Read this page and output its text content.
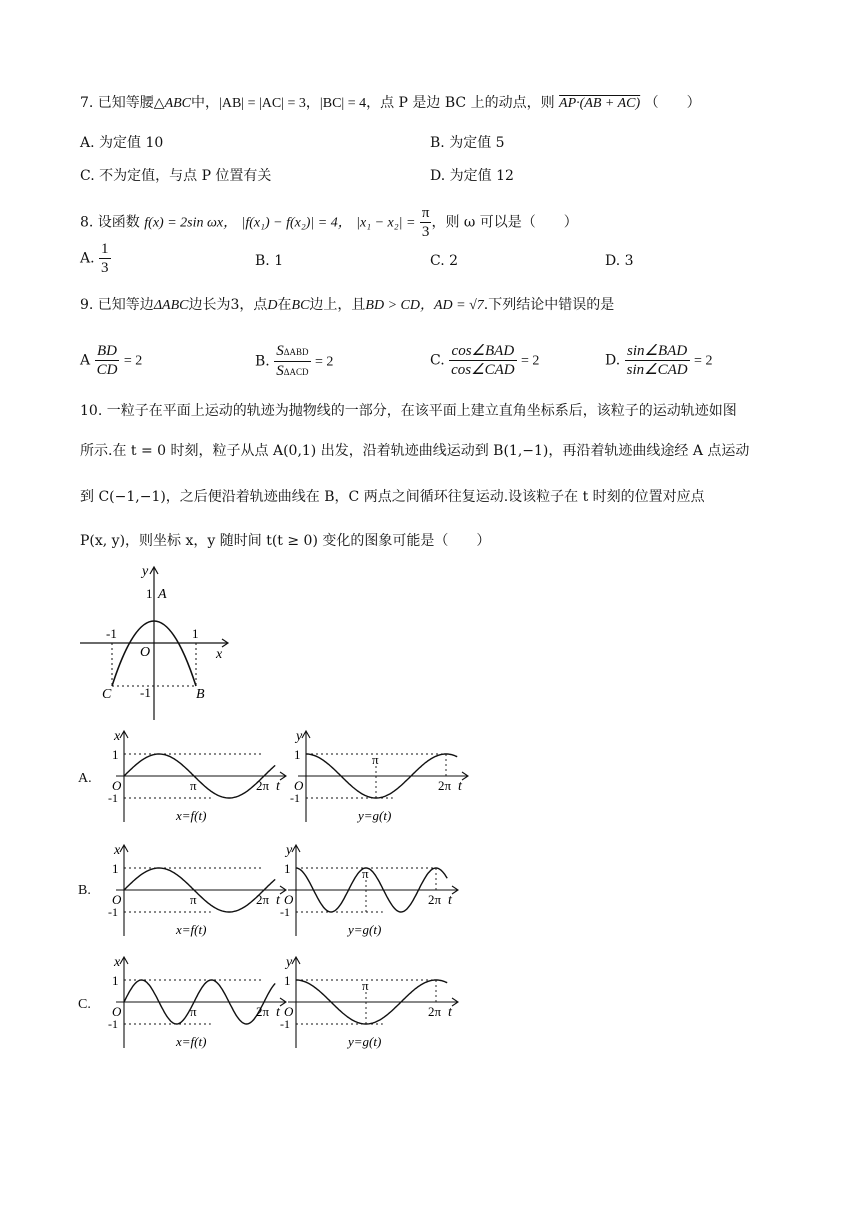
7. 已知等腰△ABC中，|AB| = |AC| = 3，|BC| = 4，点 P 是边 BC 上的动点，则 AP·(AB + AC) （　　）
A. 为定值 10	B. 为定值 5
C. 不为定值，与点 P 位置有关	D. 为定值 12
8. 设函数 f(x) = 2sin ωx， |f(x₁) − f(x₂)| = 4， $|x_1 - x_2| = \frac{\pi}{3}$ ，则 ω 可以是（　　）
A. $\frac{1}{3}$	B. 1	C. 2	D. 3
9. 已知等边ΔABC边长为3，点D在BC边上，且BD > CD，AD = √7.下列结论中错误的是
A $\frac{BD}{CD} = 2$	B. $\frac{\text{SΔABD}}{\text{SΔACD}} = 2$	C. $\frac{\text{cos∠BAD}}{\text{cos∠CAD}} = 2$	D. $\frac{\text{sin∠BAD}}{\text{sin∠CAD}} = 2$
10. 一粒子在平面上运动的轨迹为抛物线的一部分，在该平面上建立直角坐标系后，该粒子的运动轨迹如图
所示.在 t = 0 时刻，粒子从点 A(0,1) 出发，沿着轨迹曲线运动到 B(1,−1)，再沿着轨迹曲线途经 A 点运动
到 C(−1,−1)，之后便沿着轨迹曲线在 B，C 两点之间循环往复运动.设该粒子在 t 时刻的位置对应点
P(x, y)，则坐标 x，y 随时间 t(t ≥ 0) 变化的图象可能是（　　）
y
x
A
1
O
-1	1
-1
C	B
A.
B.
C.
x
1
-1
O	π	2π t
x=f(t)
y
1
-1
O
π
2π t
y=g(t)
x
1
-1
O	π	2π t
x=f(t)
y
1
-1
O
π
2π t
y=g(t)
x
1
-1
O	π	2π t
x=f(t)
y
1
-1
O
π
2π t
y=g(t)
